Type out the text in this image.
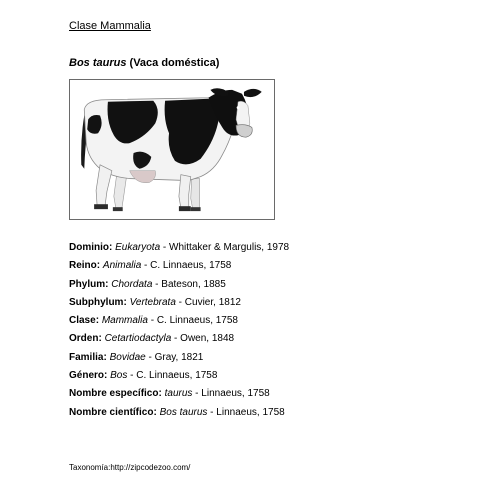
Clase Mammalia

Bos taurus (Vaca doméstica)

Dominio: Eukaryota - Whittaker & Margulis, 1978
Reino: Animalia - C. Linnaeus, 1758
Phylum: Chordata - Bateson, 1885
Subphylum: Vertebrata - Cuvier, 1812
Clase: Mammalia - C. Linnaeus, 1758
Orden: Cetartiodactyla - Owen, 1848
Familia: Bovidae - Gray, 1821
Género: Bos - C. Linnaeus, 1758
Nombre específico: taurus - Linnaeus, 1758
Nombre científico: Bos taurus - Linnaeus, 1758

Taxonomía:http://zipcodezoo.com/
